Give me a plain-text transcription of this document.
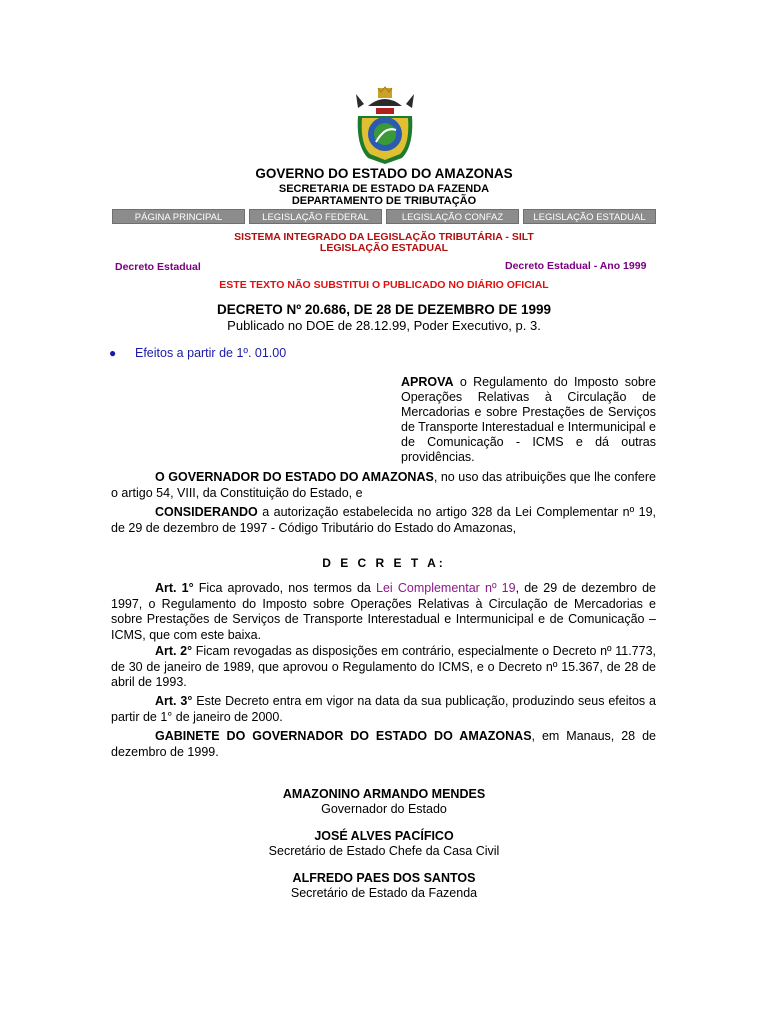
GOVERNO DO ESTADO DO AMAZONAS
SECRETARIA DE ESTADO DA FAZENDA
DEPARTAMENTO DE TRIBUTAÇÃO
PÁGINA PRINCIPAL	LEGISLAÇÃO FEDERAL	LEGISLAÇÃO CONFAZ	LEGISLAÇÃO ESTADUAL
SISTEMA INTEGRADO DA LEGISLAÇÃO TRIBUTÁRIA - SILT
LEGISLAÇÃO ESTADUAL
Decreto Estadual	Decreto Estadual - Ano 1999
ESTE TEXTO NÃO SUBSTITUI O PUBLICADO NO DIÁRIO OFICIAL
DECRETO Nº 20.686, DE 28 DE DEZEMBRO DE 1999
Publicado no DOE de 28.12.99, Poder Executivo, p. 3.
● Efeitos a partir de 1º. 01.00
APROVA o Regulamento do Imposto sobre Operações Relativas à Circulação de Mercadorias e sobre Prestações de Serviços de Transporte Interestadual e Intermunicipal e de Comunicação - ICMS e dá outras providências.
O GOVERNADOR DO ESTADO DO AMAZONAS, no uso das atribuições que lhe confere o artigo 54, VIII, da Constituição do Estado, e
CONSIDERANDO a autorização estabelecida no artigo 328 da Lei Complementar nº 19, de 29 de dezembro de 1997 - Código Tributário do Estado do Amazonas,
D E C R E T A:
Art. 1° Fica aprovado, nos termos da Lei Complementar nº 19, de 29 de dezembro de 1997, o Regulamento do Imposto sobre Operações Relativas à Circulação de Mercadorias e sobre Prestações de Serviços de Transporte Interestadual e Intermunicipal e de Comunicação – ICMS, que com este baixa.
Art. 2° Ficam revogadas as disposições em contrário, especialmente o Decreto nº 11.773, de 30 de janeiro de 1989, que aprovou o Regulamento do ICMS, e o Decreto nº 15.367, de 28 de abril de 1993.
Art. 3° Este Decreto entra em vigor na data da sua publicação, produzindo seus efeitos a partir de 1° de janeiro de 2000.
GABINETE DO GOVERNADOR DO ESTADO DO AMAZONAS, em Manaus, 28 de dezembro de 1999.
AMAZONINO ARMANDO MENDES
Governador do Estado
JOSÉ ALVES PACÍFICO
Secretário de Estado Chefe da Casa Civil
ALFREDO PAES DOS SANTOS
Secretário de Estado da Fazenda
